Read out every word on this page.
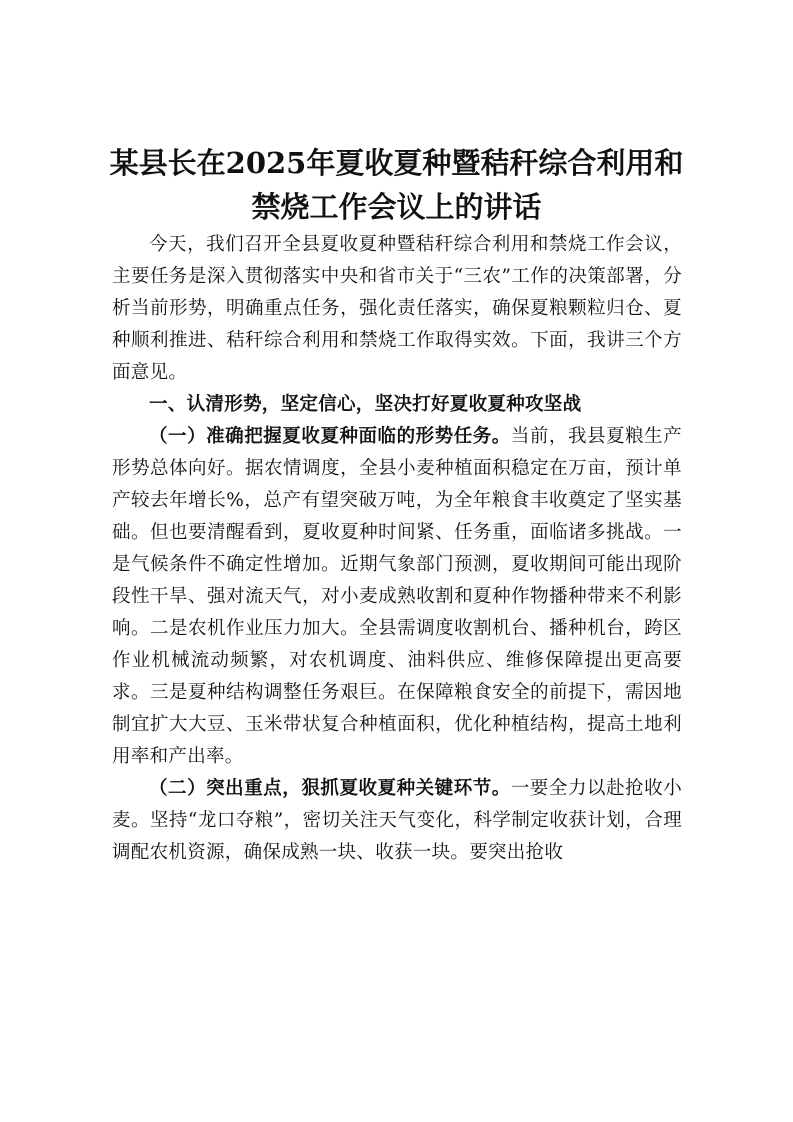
某县长在2025年夏收夏种暨秸秆综合利用和
禁烧工作会议上的讲话

今天，我们召开全县夏收夏种暨秸秆综合利用和禁烧工作会议，主要任务是深入贯彻落实中央和省市关于“三农”工作的决策部署，分析当前形势，明确重点任务，强化责任落实，确保夏粮颗粒归仓、夏种顺利推进、秸秆综合利用和禁烧工作取得实效。下面，我讲三个方面意见。

一、认清形势，坚定信心，坚决打好夏收夏种攻坚战

（一）准确把握夏收夏种面临的形势任务。当前，我县夏粮生产形势总体向好。据农情调度，全县小麦种植面积稳定在万亩，预计单产较去年增长%，总产有望突破万吨，为全年粮食丰收奠定了坚实基础。但也要清醒看到，夏收夏种时间紧、任务重，面临诸多挑战。一是气候条件不确定性增加。近期气象部门预测，夏收期间可能出现阶段性干旱、强对流天气，对小麦成熟收割和夏种作物播种带来不利影响。二是农机作业压力加大。全县需调度收割机台、播种机台，跨区作业机械流动频繁，对农机调度、油料供应、维修保障提出更高要求。三是夏种结构调整任务艰巨。在保障粮食安全的前提下，需因地制宜扩大大豆、玉米带状复合种植面积，优化种植结构，提高土地利用率和产出率。

（二）突出重点，狠抓夏收夏种关键环节。一要全力以赴抢收小麦。坚持“龙口夺粮”，密切关注天气变化，科学制定收获计划，合理调配农机资源，确保成熟一块、收获一块。要突出抢收
